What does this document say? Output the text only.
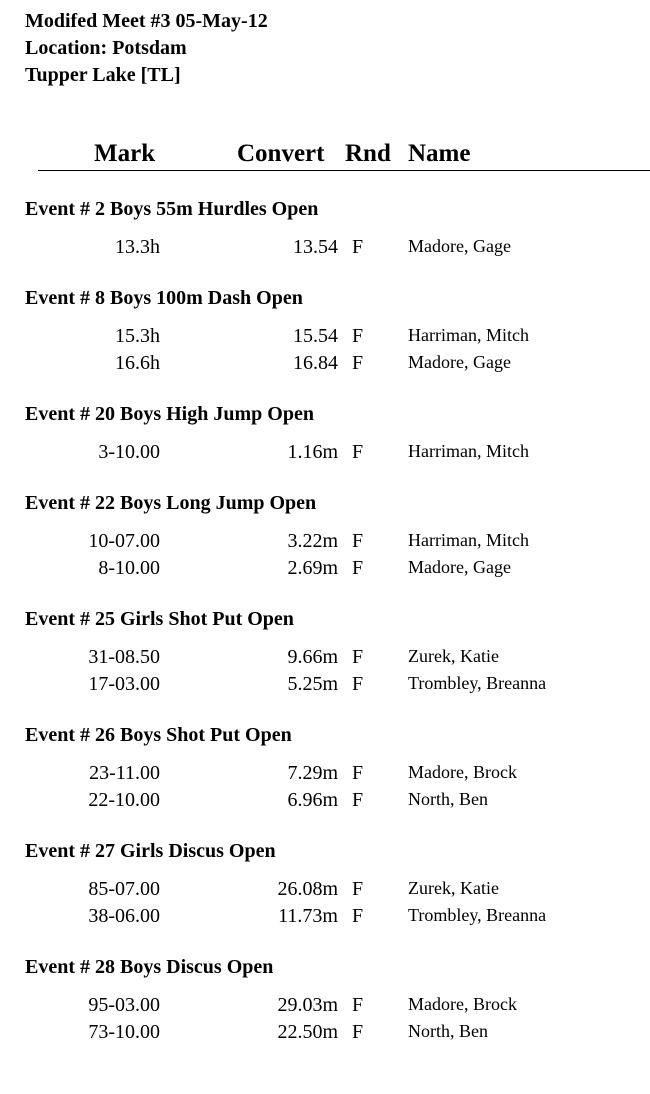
Modifed Meet #3 05-May-12
Location: Potsdam
Tupper Lake [TL]
Mark	Convert Rnd Name
Event # 2 Boys 55m Hurdles Open
13.3h	13.54 F Madore, Gage
Event # 8 Boys 100m Dash Open
15.3h	15.54 F Harriman, Mitch
16.6h	16.84 F Madore, Gage
Event # 20 Boys High Jump Open
3-10.00	1.16m F Harriman, Mitch
Event # 22 Boys Long Jump Open
10-07.00	3.22m F Harriman, Mitch
8-10.00	2.69m F Madore, Gage
Event # 25 Girls Shot Put Open
31-08.50	9.66m F Zurek, Katie
17-03.00	5.25m F Trombley, Breanna
Event # 26 Boys Shot Put Open
23-11.00	7.29m F Madore, Brock
22-10.00	6.96m F North, Ben
Event # 27 Girls Discus Open
85-07.00	26.08m F Zurek, Katie
38-06.00	11.73m F Trombley, Breanna
Event # 28 Boys Discus Open
95-03.00	29.03m F Madore, Brock
73-10.00	22.50m F North, Ben
